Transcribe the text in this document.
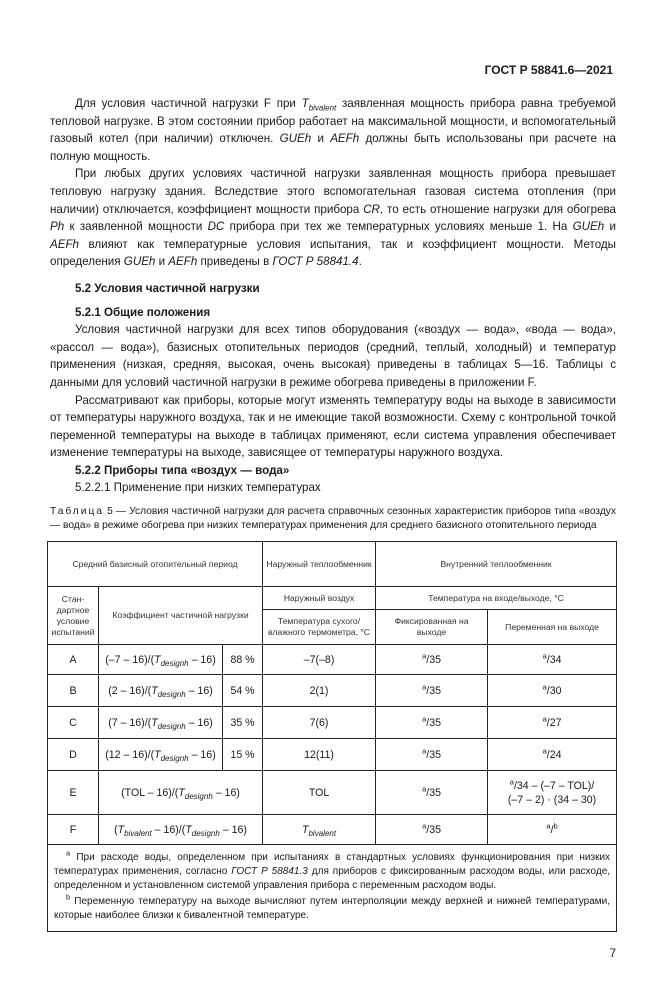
ГОСТ Р 58841.6—2021

Для условия частичной нагрузки F при $T_{bivalent}$ заявленная мощность прибора равна требуемой тепловой нагрузке. В этом состоянии прибор работает на максимальной мощности, и вспомогательный газовый котел (при наличии) отключен. GUEh и AEFh должны быть использованы при расчете на полную мощность.

При любых других условиях частичной нагрузки заявленная мощность прибора превышает тепловую нагрузку здания. Вследствие этого вспомогательная газовая система отопления (при наличии) отключается, коэффициент мощности прибора CR, то есть отношение нагрузки для обогрева Ph к заявленной мощности DC прибора при тех же температурных условиях меньше 1. На GUEh и AEFh влияют как температурные условия испытания, так и коэффициент мощности. Методы определения GUEh и AEFh приведены в ГОСТ Р 58841.4.

5.2 Условия частичной нагрузки

5.2.1 Общие положения

Условия частичной нагрузки для всех типов оборудования («воздух — вода», «вода — вода», «рассол — вода»), базисных отопительных периодов (средний, теплый, холодный) и температур применения (низкая, средняя, высокая, очень высокая) приведены в таблицах 5—16. Таблицы с данными для условий частичной нагрузки в режиме обогрева приведены в приложении F.

Рассматривают как приборы, которые могут изменять температуру воды на выходе в зависимости от температуры наружного воздуха, так и не имеющие такой возможности. Схему с контрольной точкой переменной температуры на выходе в таблицах применяют, если система управления обеспечивает изменение температуры на выходе, зависящее от температуры наружного воздуха.

5.2.2 Приборы типа «воздух — вода»

5.2.2.1 Применение при низких температурах

Таблица 5 — Условия частичной нагрузки для расчета справочных сезонных характеристик приборов типа «воздух — вода» в режиме обогрева при низких температурах применения для среднего базисного отопительного периода
Средний базисный отопительный период			Наружный теплообменник	Внутренний теплообменник	
Стан-дартное условие испытаний	Коэффициент частичной нагрузки		Наружный воздух	Температура на входе/выходе, °С	
			Температура сухого/ влажного термометра, °С	Фиксированная на выходе	Переменная на выходе
A	$(-7 - 16)/(T_{designh} - 16)$	88 %	–7(–8)	$^a$/35	$^a$/34
B	$(2 - 16)/(T_{designh} - 16)$	54 %	2(1)	$^a$/35	$^a$/30
C	$(7 - 16)/(T_{designh} - 16)$	35 %	7(6)	$^a$/35	$^a$/27
D	$(12 - 16)/(T_{designh} - 16)$	15 %	12(11)	$^a$/35	$^a$/24
E	$(TOL - 16)/(T_{designh} - 16)$		TOL	$^a$/35	$^a$/34 – (–7 – TOL)/
(–7 – 2) · (34 – 30)
F	$(T_{bivalent} - 16)/(T_{designh} - 16)$		$T_{bivalent}$	$^a$/35	$^a$/$^b$

$^a$ При расходе воды, определенном при испытаниях в стандартных условиях функционирования при низких температурах применения, согласно ГОСТ Р 58841.3 для приборов с фиксированным расходом воды, или расходе, определенном и установленном системой управления прибора с переменным расходом воды.

$^b$ Переменную температуру на выходе вычисляют путем интерполяции между верхней и нижней температурами, которые наиболее близки к бивалентной температуре.					

7
